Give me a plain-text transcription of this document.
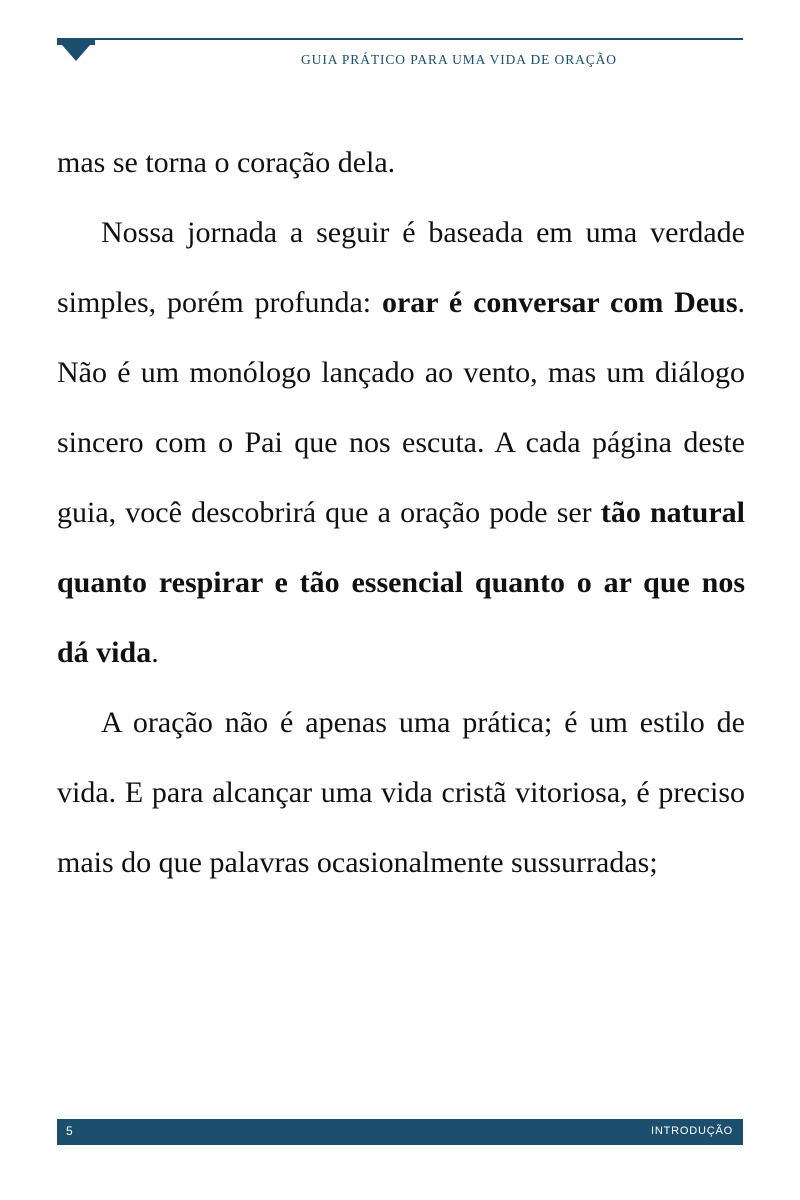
GUIA PRÁTICO PARA UMA VIDA DE ORAÇÃO

mas se torna o coração dela.

Nossa jornada a seguir é baseada em uma verdade simples, porém profunda: orar é conversar com Deus. Não é um monólogo lançado ao vento, mas um diálogo sincero com o Pai que nos escuta. A cada página deste guia, você descobrirá que a oração pode ser tão natural quanto respirar e tão essencial quanto o ar que nos dá vida.

A oração não é apenas uma prática; é um estilo de vida. E para alcançar uma vida cristã vitoriosa, é preciso mais do que palavras ocasionalmente sussurradas;

5	INTRODUÇÃO
